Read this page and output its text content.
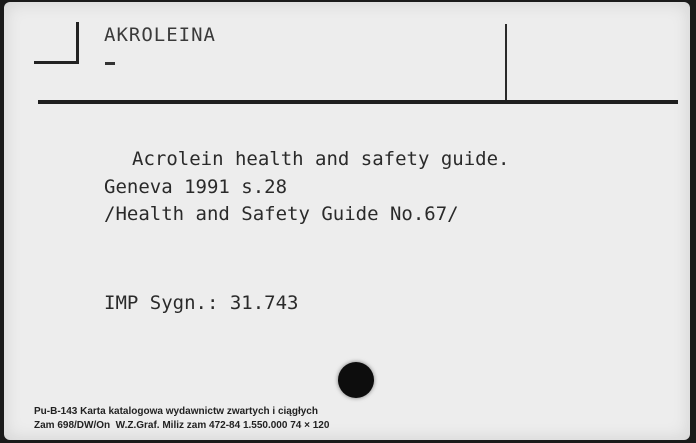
AKROLEINA
Acrolein health and safety guide.
Geneva 1991 s.28
/Health and Safety Guide No.67/
IMP Sygn.: 31.743
Pu-B-143 Karta katalogowa wydawnictw zwartych i ciągłych
Zam 698/DW/On  W.Z.Graf. Miliz zam 472-84 1.550.000 74 × 120
